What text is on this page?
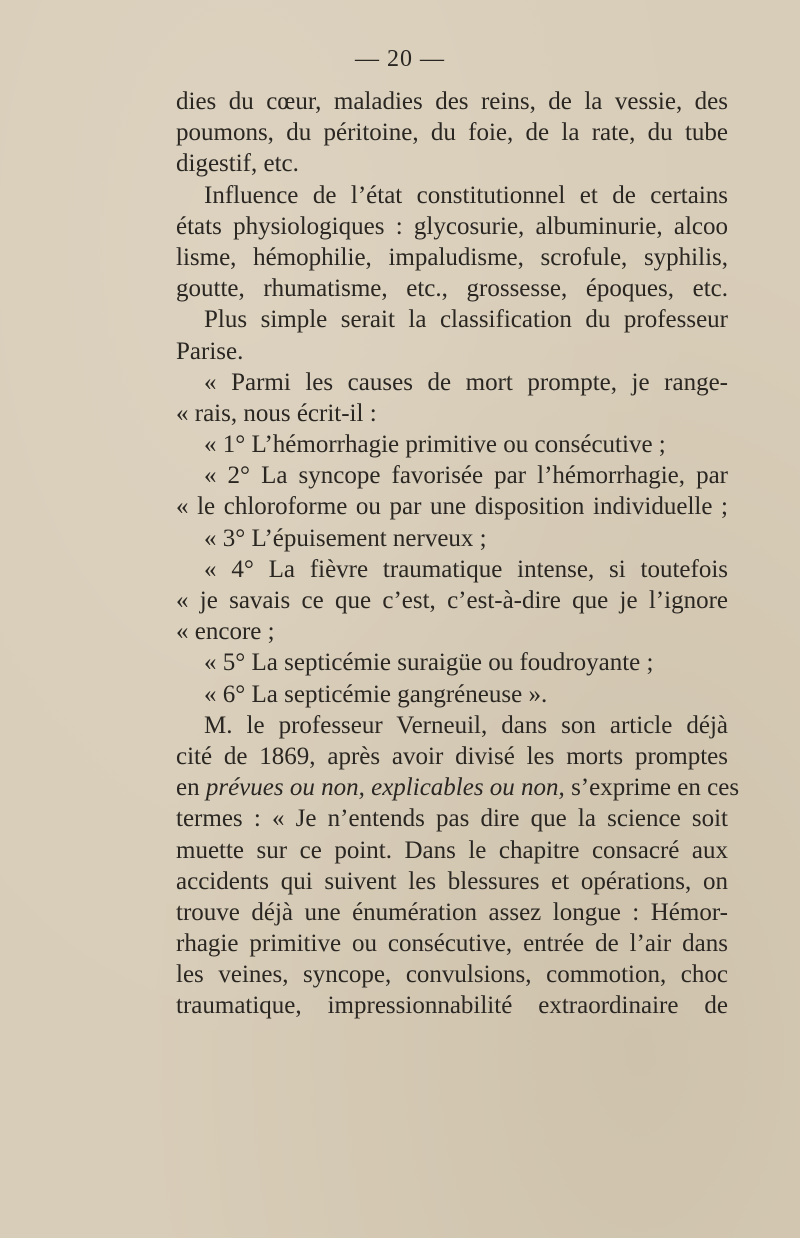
— 20 —
dies du cœur, maladies des reins, de la vessie, des
poumons, du péritoine, du foie, de la rate, du tube
digestif, etc.
Influence de l’état constitutionnel et de certains
états physiologiques : glycosurie, albuminurie, alcoo
lisme, hémophilie, impaludisme, scrofule, syphilis,
goutte, rhumatisme, etc., grossesse, époques, etc.
Plus simple serait la classification du professeur
Parise.
« Parmi les causes de mort prompte, je range-
« rais, nous écrit-il :
« 1° L’hémorrhagie primitive ou consécutive ;
« 2° La syncope favorisée par l’hémorrhagie, par
« le chloroforme ou par une disposition individuelle ;
« 3° L’épuisement nerveux ;
« 4° La fièvre traumatique intense, si toutefois
« je savais ce que c’est, c’est-à-dire que je l’ignore
« encore ;
« 5° La septicémie suraigüe ou foudroyante ;
« 6° La septicémie gangréneuse ».
M. le professeur Verneuil, dans son article déjà
cité de 1869, après avoir divisé les morts promptes
en prévues ou non, explicables ou non, s’exprime en ces
termes : « Je n’entends pas dire que la science soit
muette sur ce point. Dans le chapitre consacré aux
accidents qui suivent les blessures et opérations, on
trouve déjà une énumération assez longue : Hémor-
rhagie primitive ou consécutive, entrée de l’air dans
les veines, syncope, convulsions, commotion, choc
traumatique, impressionnabilité extraordinaire de
